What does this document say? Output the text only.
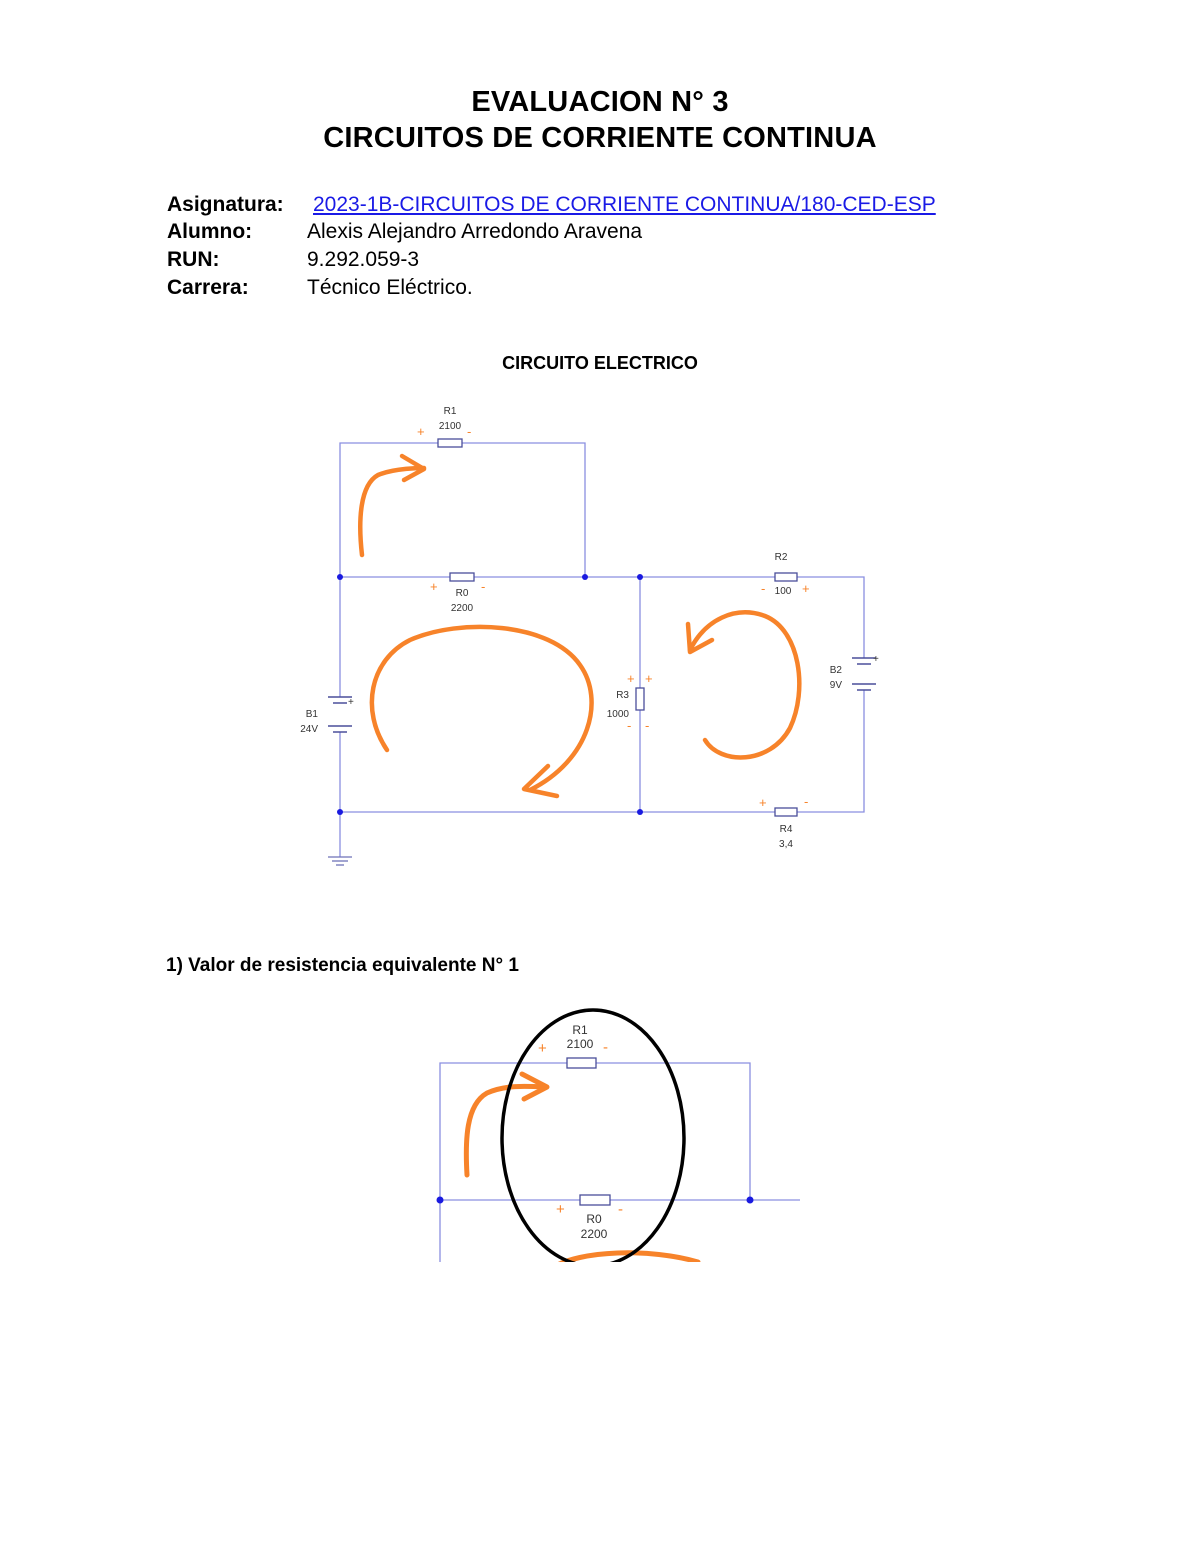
EVALUACION N° 3
CIRCUITOS DE CORRIENTE CONTINUA
Asignatura: 2023-1B-CIRCUITOS DE CORRIENTE CONTINUA/180-CED-ESP
Alumno:	Alexis Alejandro Arredondo Aravena
RUN:	9.292.059-3
Carrera:	Técnico Eléctrico.
CIRCUITO ELECTRICO
R1
2100
R0
2200
R2
100
R3
1000
R4
3,4
B1
24V
B2
9V
+
+
+	-
+	-	-	+
+ +
- -
+	-
1) Valor de resistencia equivalente N° 1
R1
2100
R0
2200
+	-
+	-
